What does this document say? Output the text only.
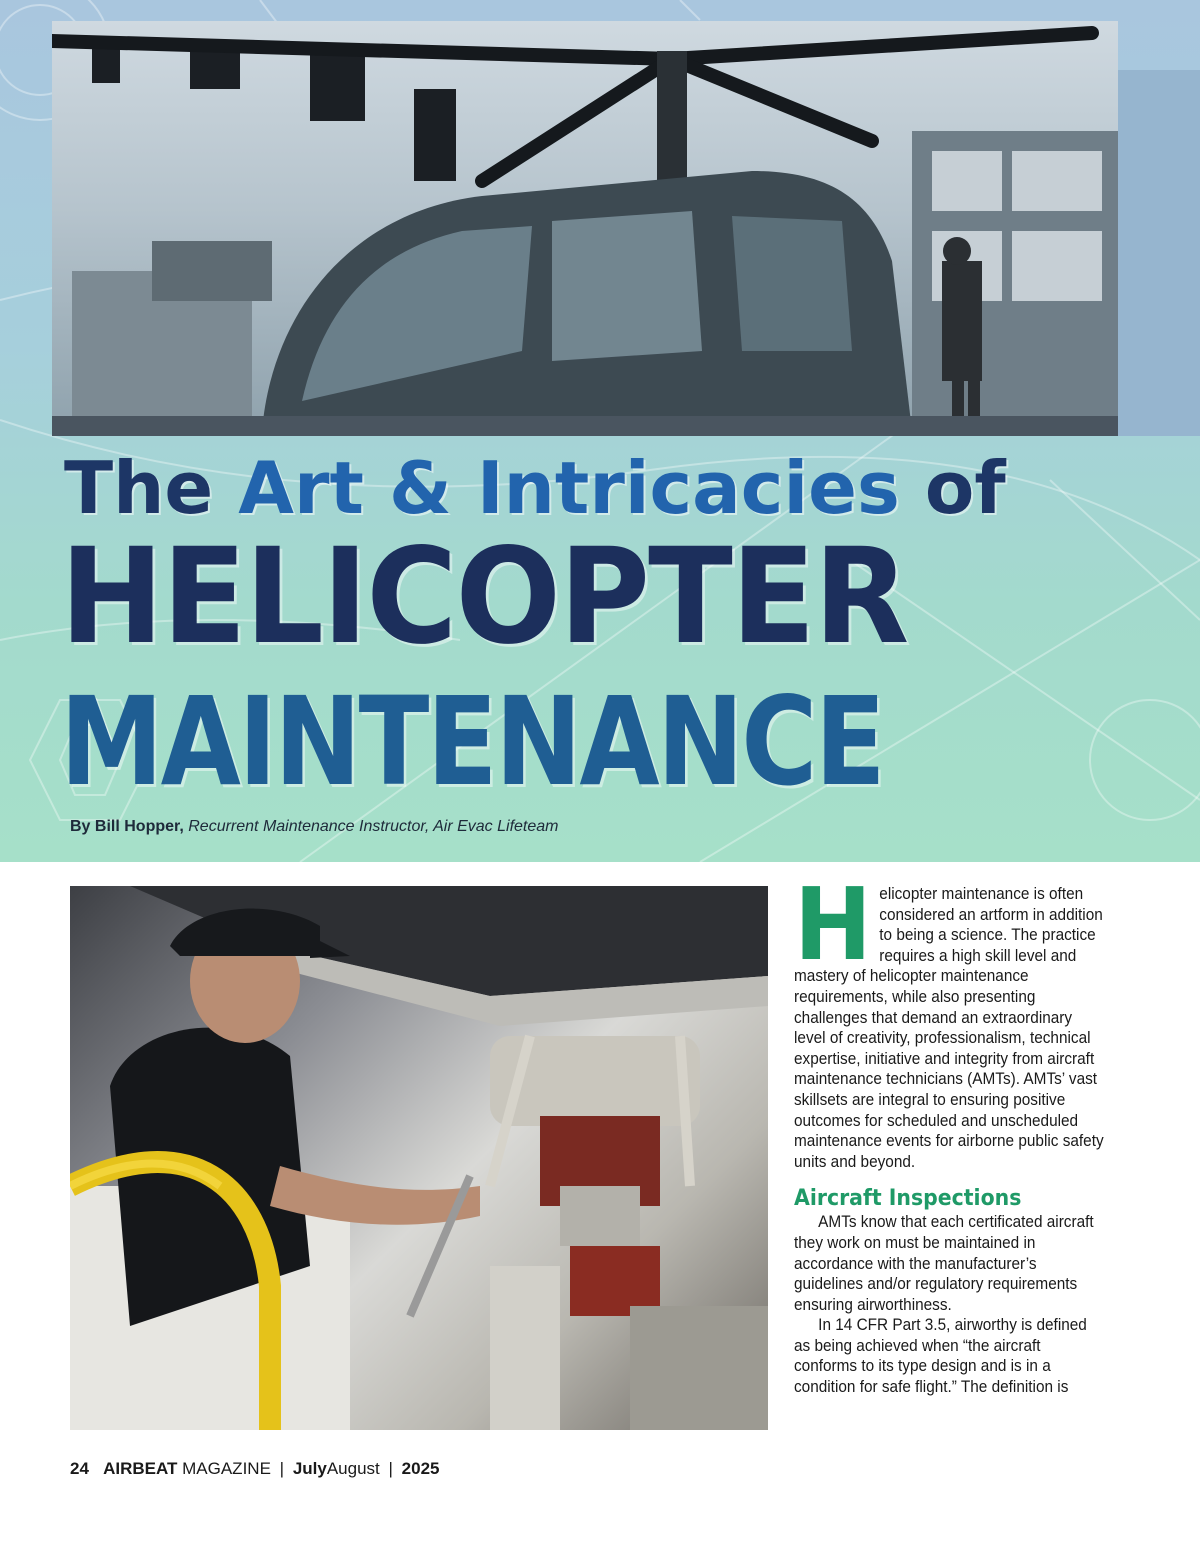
The Art & Intricacies of
HELICOPTER
MAINTENANCE
By Bill Hopper, Recurrent Maintenance Instructor, Air Evac Lifeteam

Helicopter maintenance is often considered an artform in addition to being a science. The practice requires a high skill level and mastery of helicopter maintenance requirements, while also presenting challenges that demand an extraordinary level of creativity, professionalism, technical expertise, initiative and integrity from aircraft maintenance technicians (AMTs). AMTs’ vast skillsets are integral to ensuring positive outcomes for scheduled and unscheduled maintenance events for airborne public safety units and beyond.

Aircraft Inspections

AMTs know that each certificated aircraft they work on must be maintained in accordance with the manufacturer’s guidelines and/or regulatory requirements ensuring airworthiness.

In 14 CFR Part 3.5, airworthy is defined as being achieved when “the aircraft conforms to its type design and is in a condition for safe flight.” The definition is

24 AIRBEAT MAGAZINE | JulyAugust | 2025
